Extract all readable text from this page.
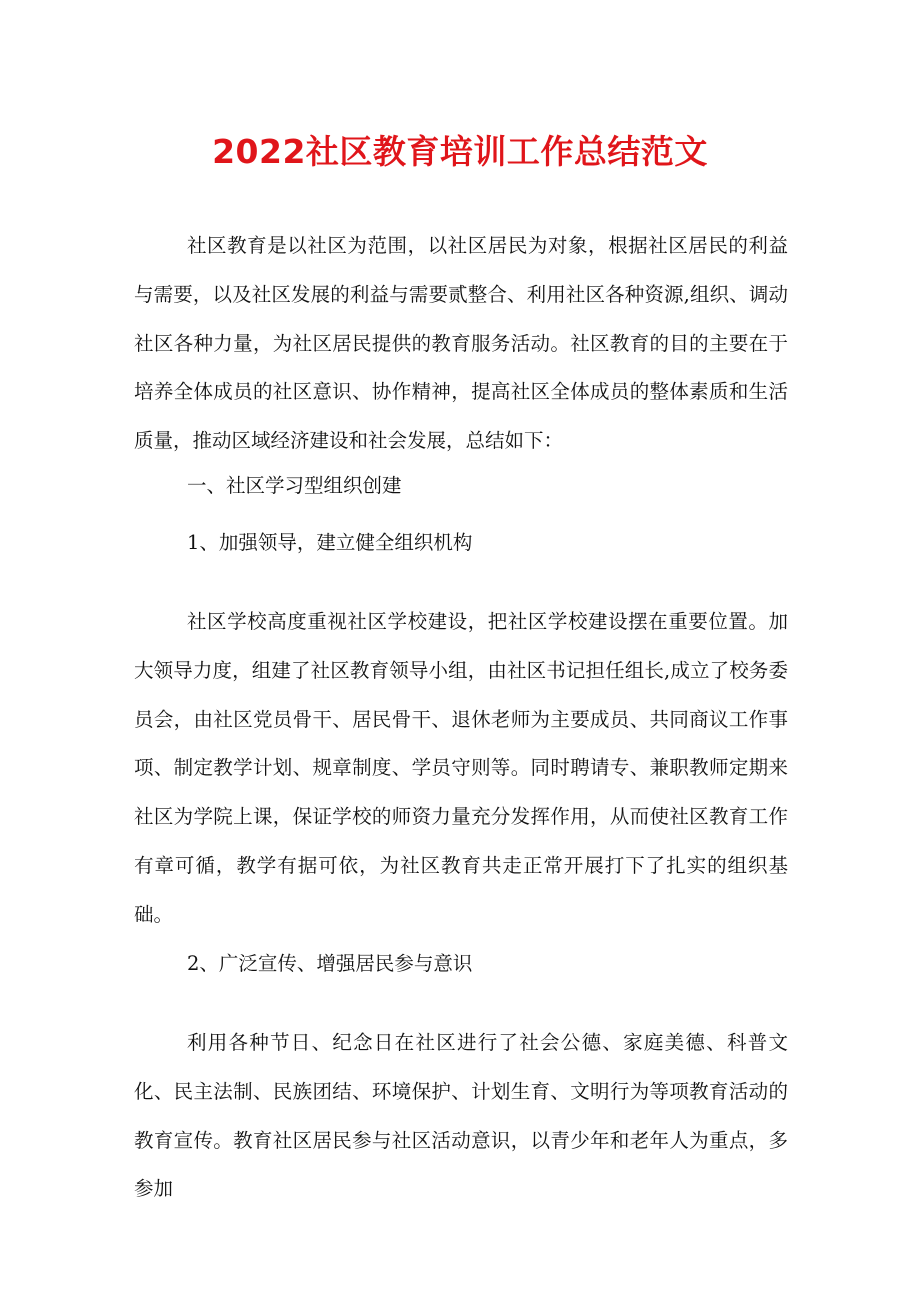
2022社区教育培训工作总结范文

社区教育是以社区为范围，以社区居民为对象，根据社区居民的利益与需要，以及社区发展的利益与需要贰整合、利用社区各种资源,组织、调动社区各种力量，为社区居民提供的教育服务活动。社区教育的目的主要在于培养全体成员的社区意识、协作精神，提高社区全体成员的整体素质和生活质量，推动区域经济建设和社会发展，总结如下：

一、社区学习型组织创建

1、加强领导，建立健全组织机构

社区学校高度重视社区学校建设，把社区学校建设摆在重要位置。加大领导力度，组建了社区教育领导小组，由社区书记担任组长,成立了校务委员会，由社区党员骨干、居民骨干、退休老师为主要成员、共同商议工作事项、制定教学计划、规章制度、学员守则等。同时聘请专、兼职教师定期来社区为学院上课，保证学校的师资力量充分发挥作用，从而使社区教育工作有章可循，教学有据可依，为社区教育共走正常开展打下了扎实的组织基础。

2、广泛宣传、增强居民参与意识

利用各种节日、纪念日在社区进行了社会公德、家庭美德、科普文化、民主法制、民族团结、环境保护、计划生育、文明行为等项教育活动的教育宣传。教育社区居民参与社区活动意识，以青少年和老年人为重点，多参加
